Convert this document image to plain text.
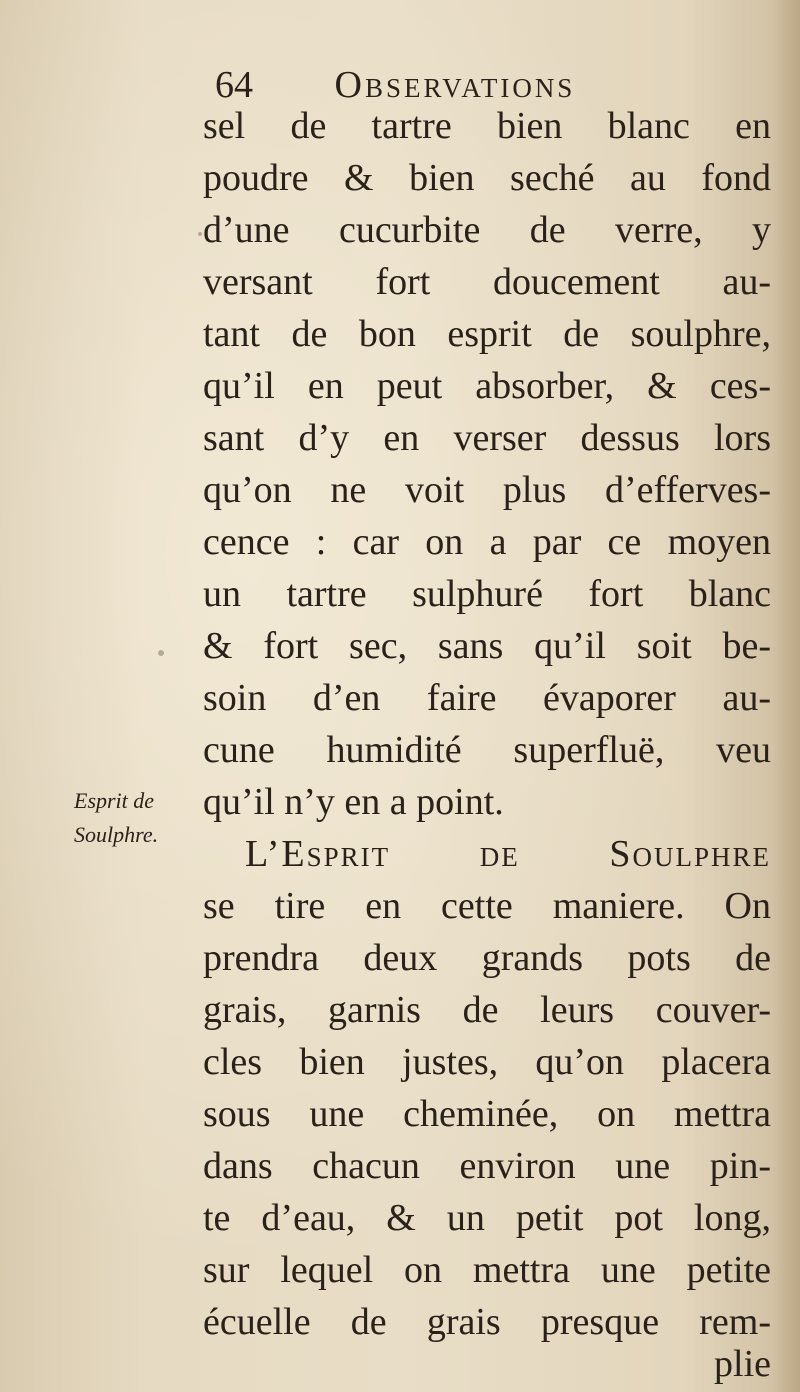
64 Observations
Esprit de
Soulphre.
sel de tartre bien blanc en
poudre & bien seché au fond
d’une cucurbite de verre, y
versant fort doucement au-
tant de bon esprit de soulphre,
qu’il en peut absorber, & ces-
sant d’y en verser dessus lors
qu’on ne voit plus d’efferves-
cence : car on a par ce moyen
un tartre sulphuré fort blanc
& fort sec, sans qu’il soit be-
soin d’en faire évaporer au-
cune humidité superfluë, veu
qu’il n’y en a point.
L’Esprit de Soulphre
se tire en cette maniere. On
prendra deux grands pots de
grais, garnis de leurs couver-
cles bien justes, qu’on placera
sous une cheminée, on mettra
dans chacun environ une pin-
te d’eau, & un petit pot long,
sur lequel on mettra une petite
écuelle de grais presque rem-
plie
